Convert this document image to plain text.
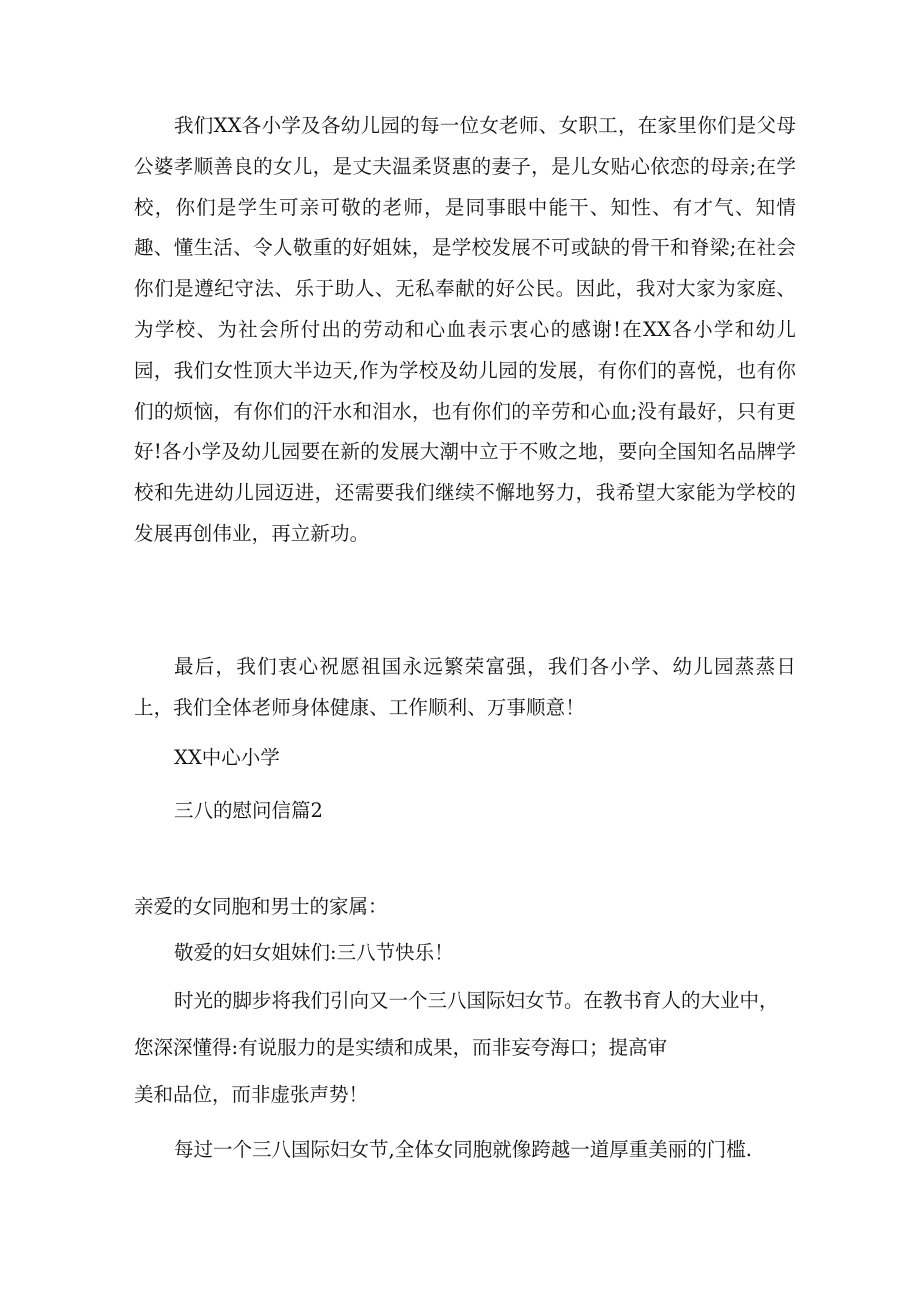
我们XX各小学及各幼儿园的每一位女老师、女职工，在家里你们是父母公婆孝顺善良的女儿，是丈夫温柔贤惠的妻子，是儿女贴心依恋的母亲;在学校，你们是学生可亲可敬的老师，是同事眼中能干、知性、有才气、知情趣、懂生活、令人敬重的好姐妹，是学校发展不可或缺的骨干和脊梁;在社会你们是遵纪守法、乐于助人、无私奉献的好公民。因此，我对大家为家庭、为学校、为社会所付出的劳动和心血表示衷心的感谢!在XX各小学和幼儿园，我们女性顶大半边天,作为学校及幼儿园的发展，有你们的喜悦，也有你们的烦恼，有你们的汗水和泪水，也有你们的辛劳和心血;没有最好，只有更好!各小学及幼儿园要在新的发展大潮中立于不败之地，要向全国知名品牌学校和先进幼儿园迈进，还需要我们继续不懈地努力，我希望大家能为学校的发展再创伟业，再立新功。

最后，我们衷心祝愿祖国永远繁荣富强，我们各小学、幼儿园蒸蒸日上，我们全体老师身体健康、工作顺利、万事顺意！

XX中心小学
三八的慰问信篇2
亲爱的女同胞和男士的家属：
敬爱的妇女姐妹们:三八节快乐！
时光的脚步将我们引向又一个三八国际妇女节。在教书育人的大业中，
您深深懂得:有说服力的是实绩和成果，而非妄夸海口；提高审
美和品位，而非虚张声势！
每过一个三八国际妇女节,全体女同胞就像跨越一道厚重美丽的门槛.
